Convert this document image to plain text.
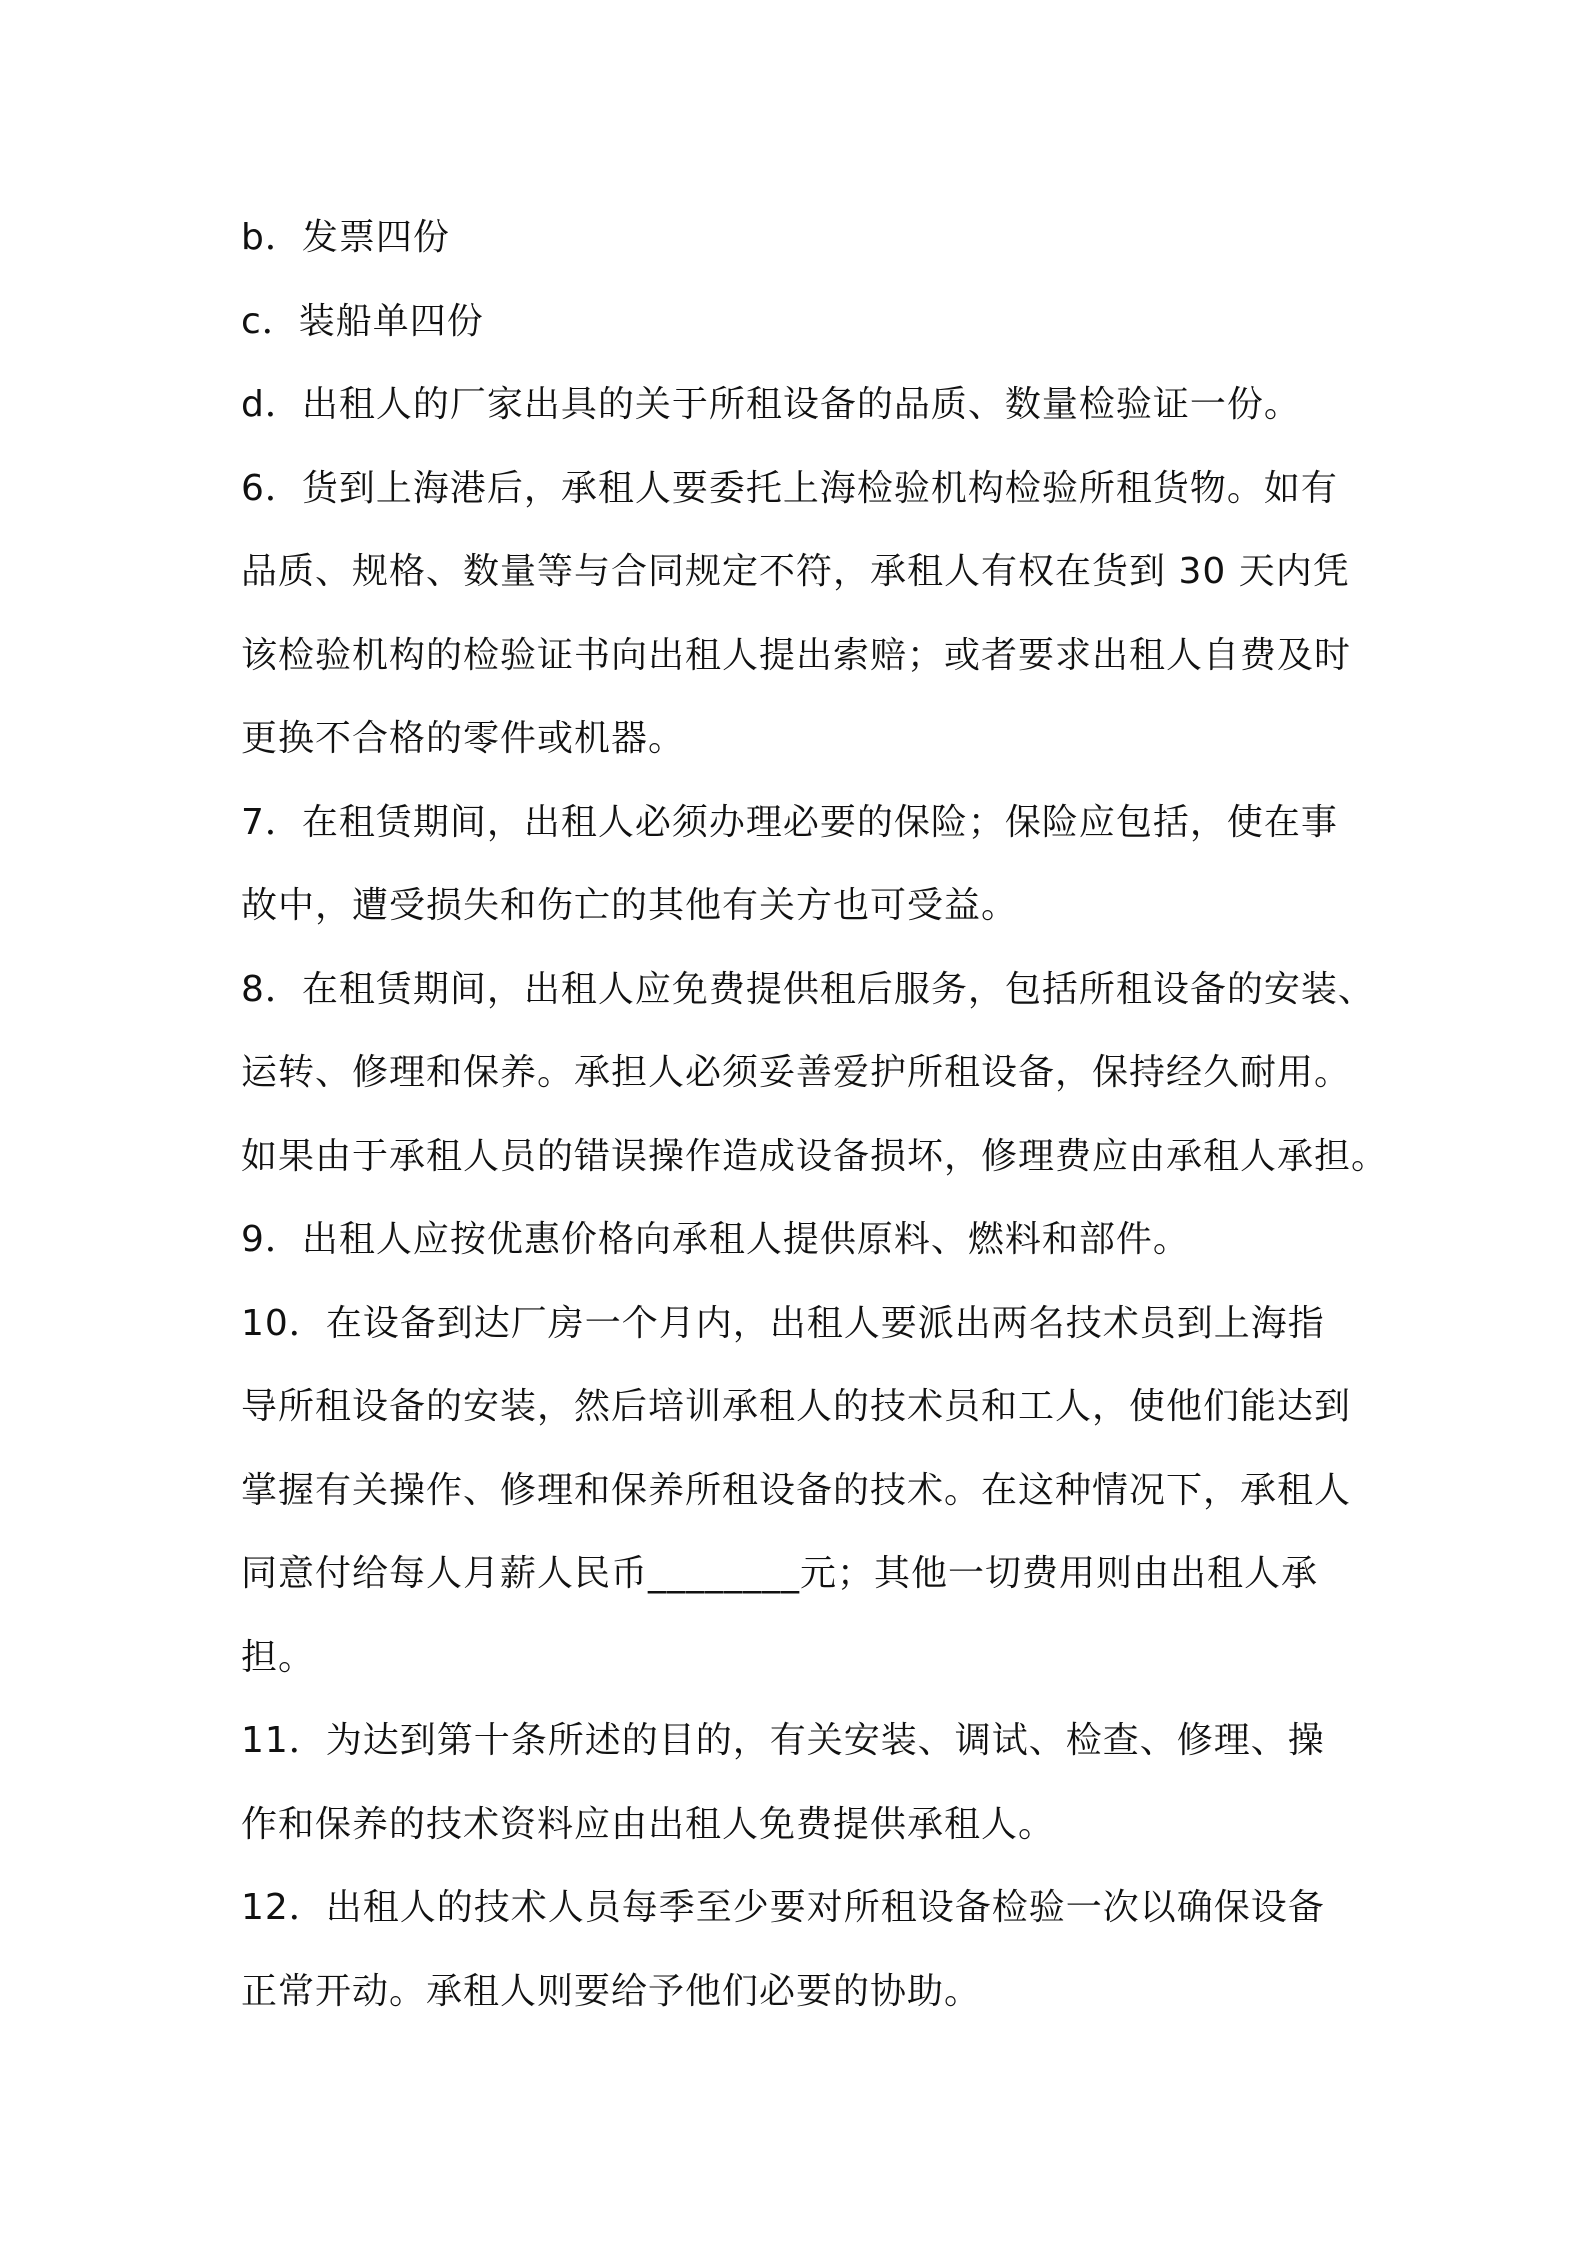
b．发票四份
c．装船单四份
d．出租人的厂家出具的关于所租设备的品质、数量检验证一份。
6．货到上海港后，承租人要委托上海检验机构检验所租货物。如有
品质、规格、数量等与合同规定不符，承租人有权在货到 30 天内凭
该检验机构的检验证书向出租人提出索赔；或者要求出租人自费及时
更换不合格的零件或机器。
7．在租赁期间，出租人必须办理必要的保险；保险应包括，使在事
故中，遭受损失和伤亡的其他有关方也可受益。
8．在租赁期间，出租人应免费提供租后服务，包括所租设备的安装、
运转、修理和保养。承担人必须妥善爱护所租设备，保持经久耐用。
如果由于承租人员的错误操作造成设备损坏，修理费应由承租人承担。
9．出租人应按优惠价格向承租人提供原料、燃料和部件。
10．在设备到达厂房一个月内，出租人要派出两名技术员到上海指
导所租设备的安装，然后培训承租人的技术员和工人，使他们能达到
掌握有关操作、修理和保养所租设备的技术。在这种情况下，承租人
同意付给每人月薪人民币________元；其他一切费用则由出租人承
担。
11．为达到第十条所述的目的，有关安装、调试、检查、修理、操
作和保养的技术资料应由出租人免费提供承租人。
12．出租人的技术人员每季至少要对所租设备检验一次以确保设备
正常开动。承租人则要给予他们必要的协助。
